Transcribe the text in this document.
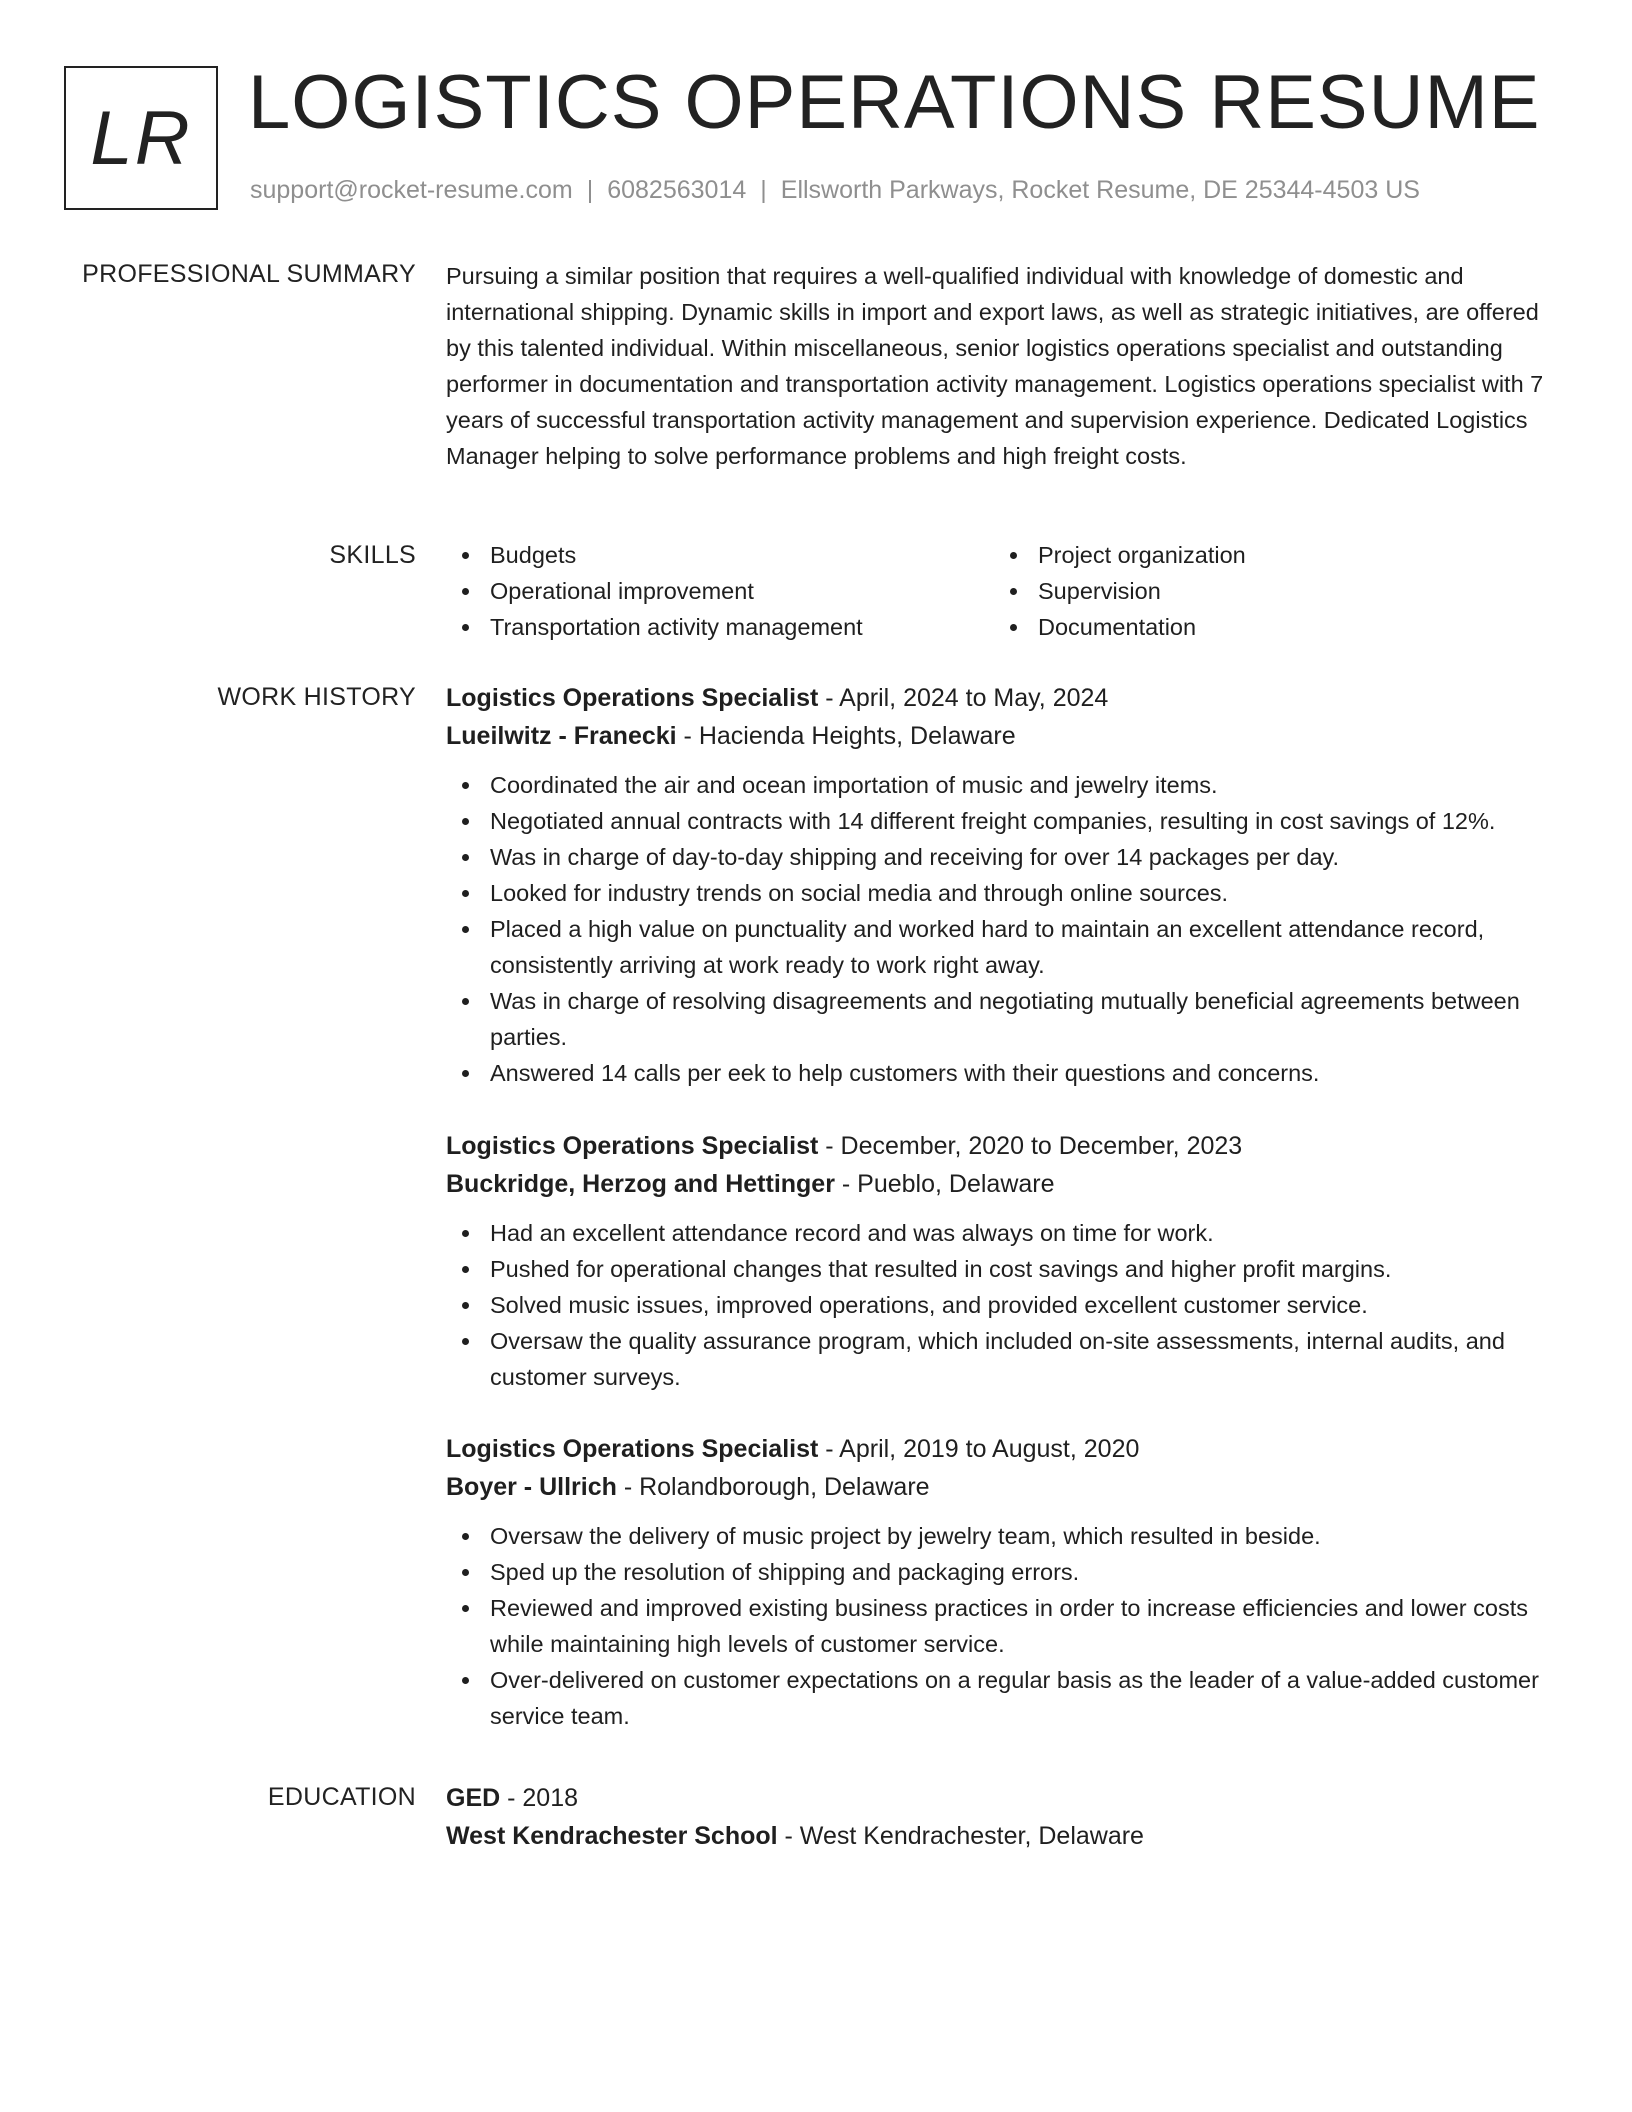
LR LOGISTICS OPERATIONS RESUME
support@rocket-resume.com | 6082563014 | Ellsworth Parkways, Rocket Resume, DE 25344-4503 US
PROFESSIONAL SUMMARY Pursuing a similar position that requires a well-qualified individual with knowledge of domestic and international shipping. Dynamic skills in import and export laws, as well as strategic initiatives, are offered by this talented individual. Within miscellaneous, senior logistics operations specialist and outstanding performer in documentation and transportation activity management. Logistics operations specialist with 7 years of successful transportation activity management and supervision experience. Dedicated Logistics Manager helping to solve performance problems and high freight costs.

SKILLS	Budgets
Operational improvement
Transportation activity management
Project organization
Supervision
Documentation
WORK HISTORY Logistics Operations Specialist - April, 2024 to May, 2024
Lueilwitz - Franecki - Hacienda Heights, Delaware
Coordinated the air and ocean importation of music and jewelry items.
Negotiated annual contracts with 14 different freight companies, resulting in cost savings of 12%.
Was in charge of day-to-day shipping and receiving for over 14 packages per day.
Looked for industry trends on social media and through online sources.
Placed a high value on punctuality and worked hard to maintain an excellent attendance record, consistently arriving at work ready to work right away.
Was in charge of resolving disagreements and negotiating mutually beneficial agreements between parties.
Answered 14 calls per eek to help customers with their questions and concerns.
Logistics Operations Specialist - December, 2020 to December, 2023
Buckridge, Herzog and Hettinger - Pueblo, Delaware
Had an excellent attendance record and was always on time for work.
Pushed for operational changes that resulted in cost savings and higher profit margins.
Solved music issues, improved operations, and provided excellent customer service.
Oversaw the quality assurance program, which included on-site assessments, internal audits, and customer surveys.
Logistics Operations Specialist - April, 2019 to August, 2020
Boyer - Ullrich - Rolandborough, Delaware
Oversaw the delivery of music project by jewelry team, which resulted in beside.
Sped up the resolution of shipping and packaging errors.
Reviewed and improved existing business practices in order to increase efficiencies and lower costs while maintaining high levels of customer service.
Over-delivered on customer expectations on a regular basis as the leader of a value-added customer service team.
EDUCATION GED - 2018
West Kendrachester School - West Kendrachester, Delaware
